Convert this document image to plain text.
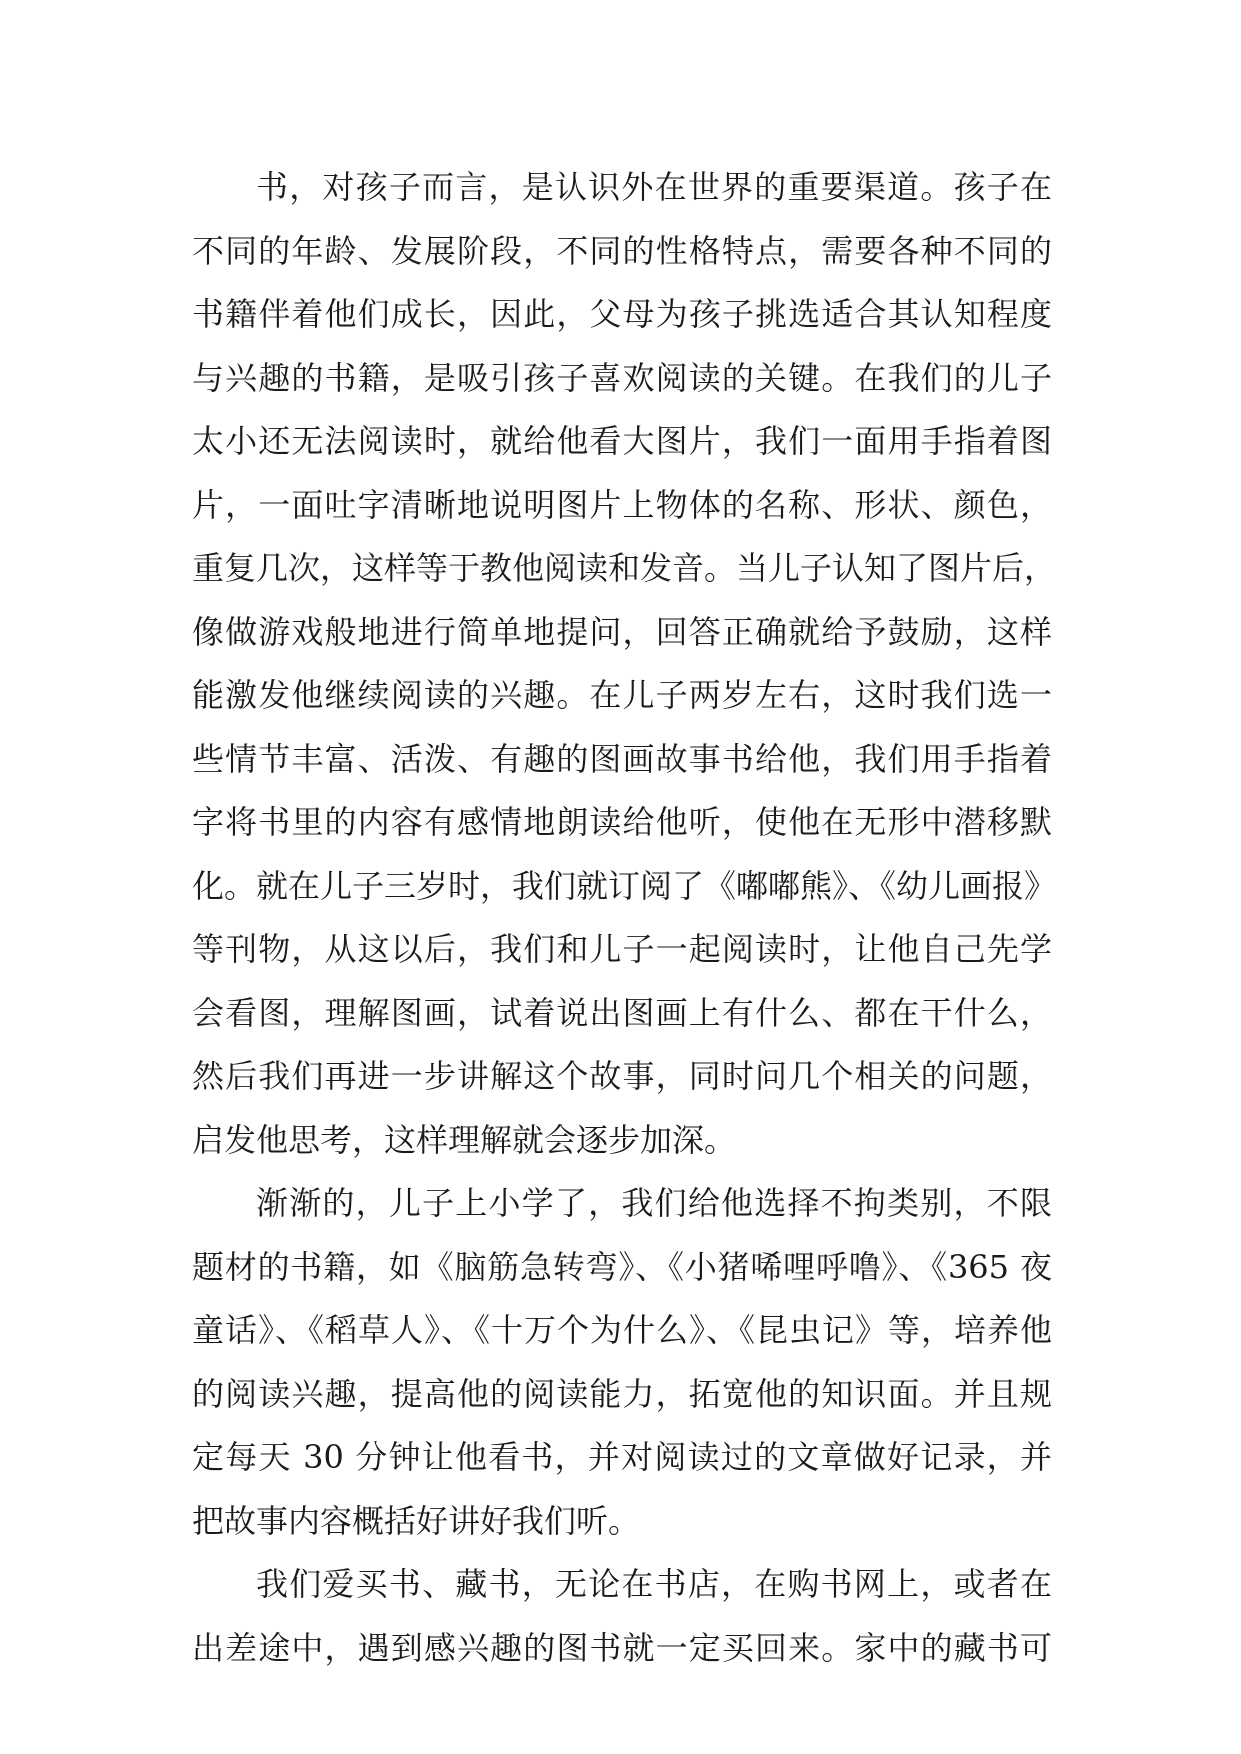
书，对孩子而言，是认识外在世界的重要渠道。孩子在
不同的年龄、发展阶段，不同的性格特点，需要各种不同的
书籍伴着他们成长，因此，父母为孩子挑选适合其认知程度
与兴趣的书籍，是吸引孩子喜欢阅读的关键。在我们的儿子
太小还无法阅读时，就给他看大图片，我们一面用手指着图
片，一面吐字清晰地说明图片上物体的名称、形状、颜色，
重复几次，这样等于教他阅读和发音。当儿子认知了图片后，
像做游戏般地进行简单地提问，回答正确就给予鼓励，这样
能激发他继续阅读的兴趣。在儿子两岁左右，这时我们选一
些情节丰富、活泼、有趣的图画故事书给他，我们用手指着
字将书里的内容有感情地朗读给他听，使他在无形中潜移默
化。就在儿子三岁时，我们就订阅了《嘟嘟熊》、《幼儿画报》
等刊物，从这以后，我们和儿子一起阅读时，让他自己先学
会看图，理解图画，试着说出图画上有什么、都在干什么，
然后我们再进一步讲解这个故事，同时问几个相关的问题，
启发他思考，这样理解就会逐步加深。
渐渐的，儿子上小学了，我们给他选择不拘类别，不限
题材的书籍，如《脑筋急转弯》、《小猪唏哩呼噜》、《365 夜
童话》、《稻草人》、《十万个为什么》、《昆虫记》等，培养他
的阅读兴趣，提高他的阅读能力，拓宽他的知识面。并且规
定每天 30 分钟让他看书，并对阅读过的文章做好记录，并
把故事内容概括好讲好我们听。
我们爱买书、藏书，无论在书店，在购书网上，或者在
出差途中，遇到感兴趣的图书就一定买回来。家中的藏书可
